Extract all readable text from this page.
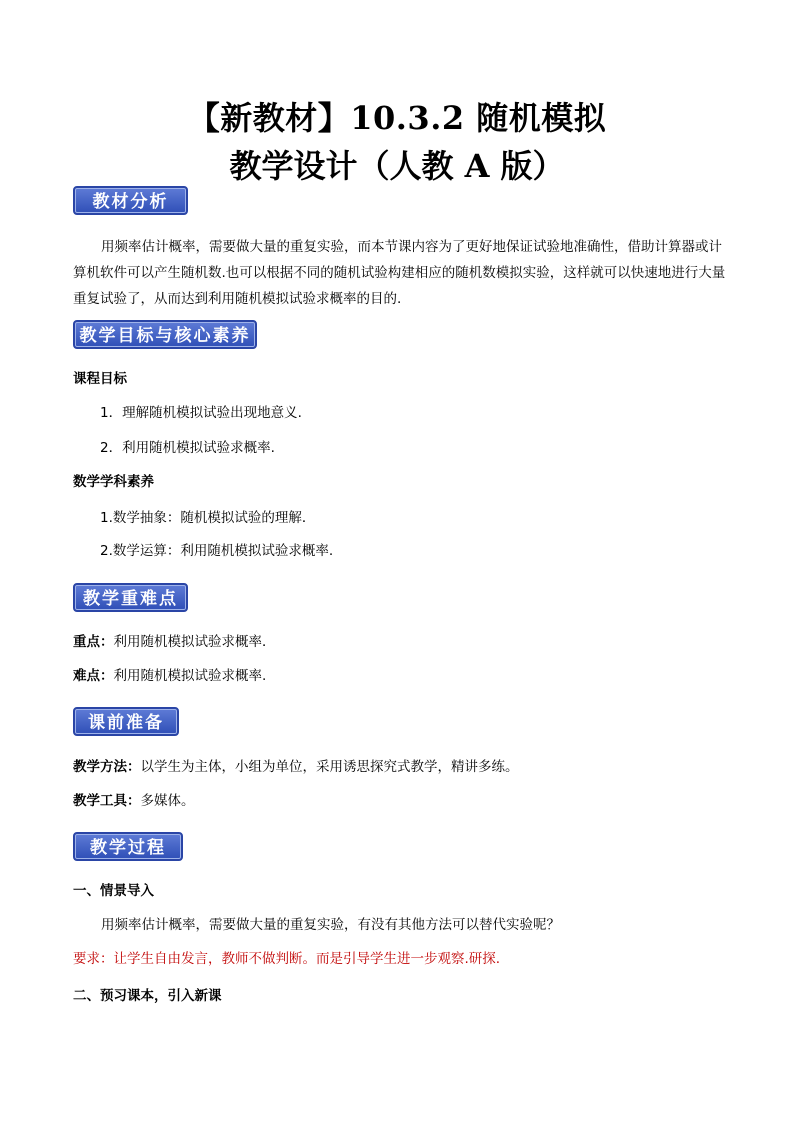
【新教材】10.3.2 随机模拟
教学设计（人教 A 版）
教材分析
用频率估计概率，需要做大量的重复实验，而本节课内容为了更好地保证试验地准确性，借助计算器或计算机软件可以产生随机数.也可以根据不同的随机试验构建相应的随机数模拟实验，这样就可以快速地进行大量重复试验了，从而达到利用随机模拟试验求概率的目的.
教学目标与核心素养
课程目标
1．理解随机模拟试验出现地意义.
2．利用随机模拟试验求概率.
数学学科素养
1.数学抽象：随机模拟试验的理解．
2.数学运算：利用随机模拟试验求概率.
教学重难点
重点：利用随机模拟试验求概率．
难点：利用随机模拟试验求概率.
课前准备
教学方法：以学生为主体，小组为单位，采用诱思探究式教学，精讲多练。
教学工具：多媒体。
教学过程
一、情景导入
用频率估计概率，需要做大量的重复实验，有没有其他方法可以替代实验呢？
要求：让学生自由发言，教师不做判断。而是引导学生进一步观察.研探.
二、预习课本，引入新课
